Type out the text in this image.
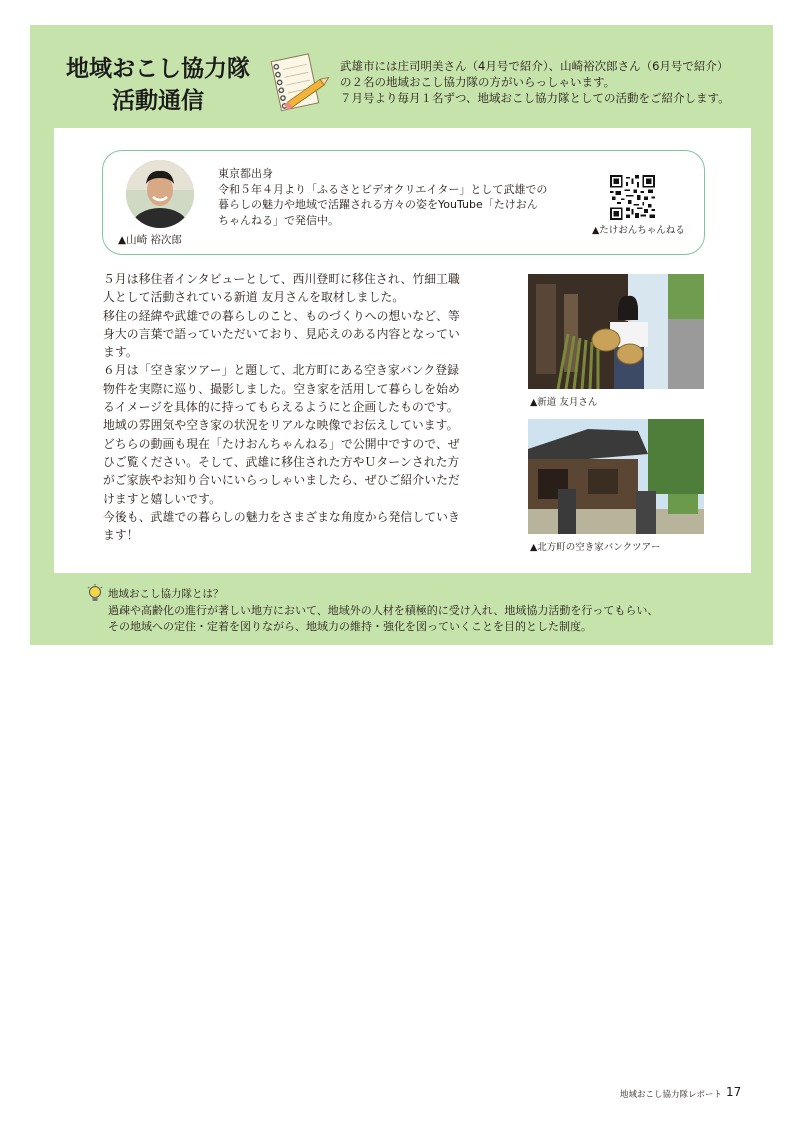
地域おこし協力隊
活動通信
武雄市には庄司明美さん（4月号で紹介）、山崎裕次郎さん（6月号で紹介）
の２名の地域おこし協力隊の方がいらっしゃいます。
７月号より毎月１名ずつ、地域おこし協力隊としての活動をご紹介します。
▲山崎 裕次郎
東京都出身
令和５年４月より「ふるさとビデオクリエイター」として武雄での
暮らしの魅力や地域で活躍される方々の姿をYouTube「たけおん
ちゃんねる」で発信中。
▲たけおんちゃんねる

５月は移住者インタビューとして、西川登町に移住され、竹細工職

人として活動されている新道 友月さんを取材しました。

移住の経緯や武雄での暮らしのこと、ものづくりへの想いなど、等

身大の言葉で語っていただいており、見応えのある内容となってい

ます。

６月は「空き家ツアー」と題して、北方町にある空き家バンク登録

物件を実際に巡り、撮影しました。空き家を活用して暮らしを始め

るイメージを具体的に持ってもらえるようにと企画したものです。

地域の雰囲気や空き家の状況をリアルな映像でお伝えしています。

どちらの動画も現在「たけおんちゃんねる」で公開中ですので、ぜ

ひご覧ください。そして、武雄に移住された方やＵターンされた方

がご家族やお知り合いにいらっしゃいましたら、ぜひご紹介いただ

けますと嬉しいです。

今後も、武雄での暮らしの魅力をさまざまな角度から発信していき

ます！

▲新道 友月さん
▲北方町の空き家バンクツアー
地域おこし協力隊とは？
過疎や高齢化の進行が著しい地方において、地域外の人材を積極的に受け入れ、地域協力活動を行ってもらい、
その地域への定住・定着を図りながら、地域力の維持・強化を図っていくことを目的とした制度。
地域おこし協力隊レポート 17
